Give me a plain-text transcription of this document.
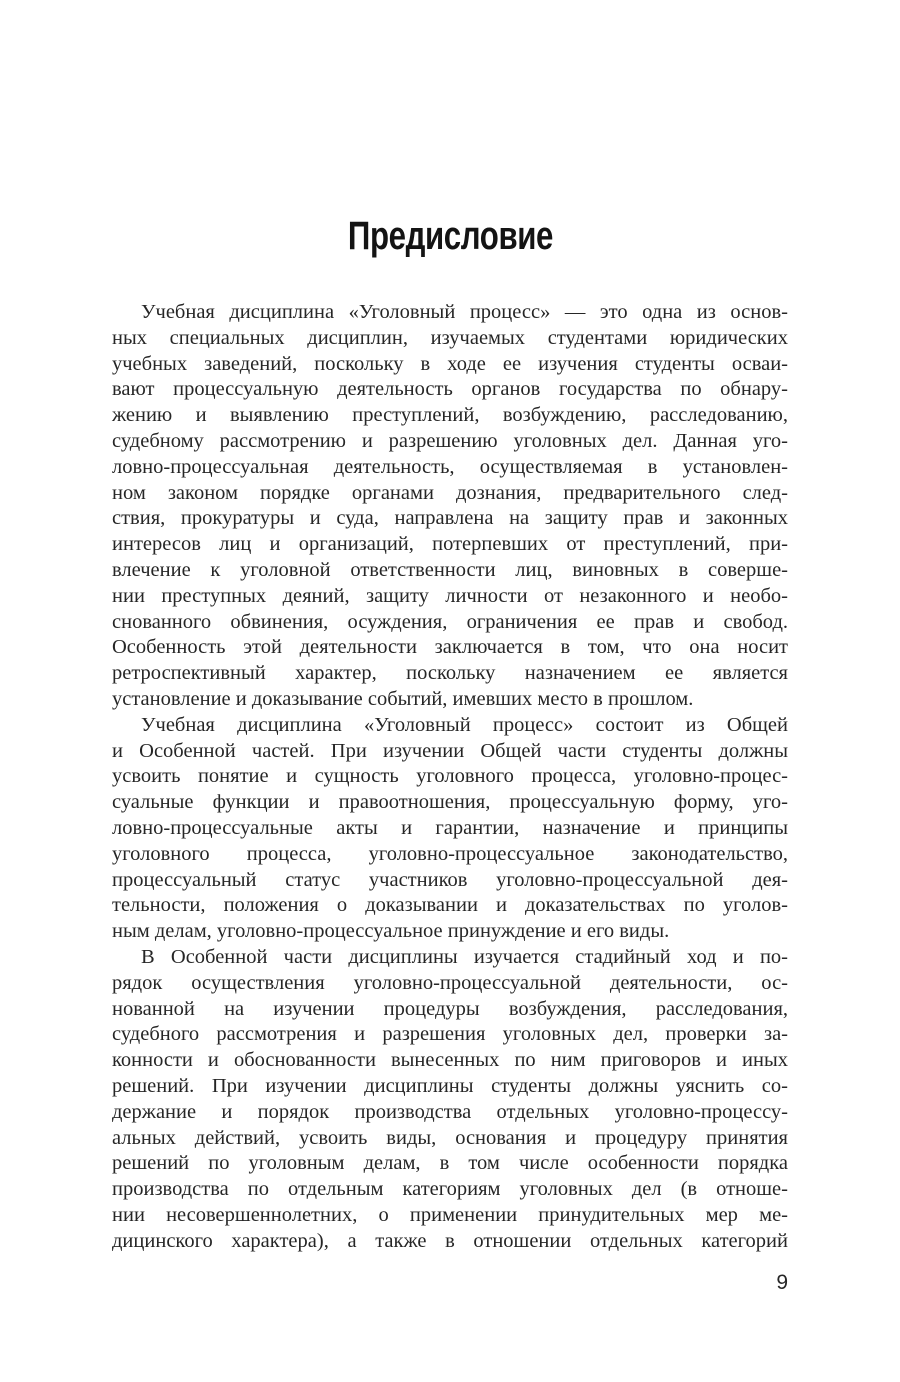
Предисловие
Учебная дисциплина «Уголовный процесс» — это одна из основ-
ных специальных дисциплин, изучаемых студентами юридических
учебных заведений, поскольку в ходе ее изучения студенты осваи-
вают процессуальную деятельность органов государства по обнару-
жению и выявлению преступлений, возбуждению, расследованию,
судебному рассмотрению и разрешению уголовных дел. Данная уго-
ловно-процессуальная деятельность, осуществляемая в установлен-
ном законом порядке органами дознания, предварительного след-
ствия, прокуратуры и суда, направлена на защиту прав и законных
интересов лиц и организаций, потерпевших от преступлений, при-
влечение к уголовной ответственности лиц, виновных в соверше-
нии преступных деяний, защиту личности от незаконного и необо-
снованного обвинения, осуждения, ограничения ее прав и свобод.
Особенность этой деятельности заключается в том, что она носит
ретроспективный характер, поскольку назначением ее является
установление и доказывание событий, имевших место в прошлом.
Учебная дисциплина «Уголовный процесс» состоит из Общей
и Особенной частей. При изучении Общей части студенты должны
усвоить понятие и сущность уголовного процесса, уголовно-процес-
суальные функции и правоотношения, процессуальную форму, уго-
ловно-процессуальные акты и гарантии, назначение и принципы
уголовного процесса, уголовно-процессуальное законодательство,
процессуальный статус участников уголовно-процессуальной дея-
тельности, положения о доказывании и доказательствах по уголов-
ным делам, уголовно-процессуальное принуждение и его виды.
В Особенной части дисциплины изучается стадийный ход и по-
рядок осуществления уголовно-процессуальной деятельности, ос-
нованной на изучении процедуры возбуждения, расследования,
судебного рассмотрения и разрешения уголовных дел, проверки за-
конности и обоснованности вынесенных по ним приговоров и иных
решений. При изучении дисциплины студенты должны уяснить со-
держание и порядок производства отдельных уголовно-процессу-
альных действий, усвоить виды, основания и процедуру принятия
решений по уголовным делам, в том числе особенности порядка
производства по отдельным категориям уголовных дел (в отноше-
нии несовершеннолетних, о применении принудительных мер ме-
дицинского характера), а также в отношении отдельных категорий
9
